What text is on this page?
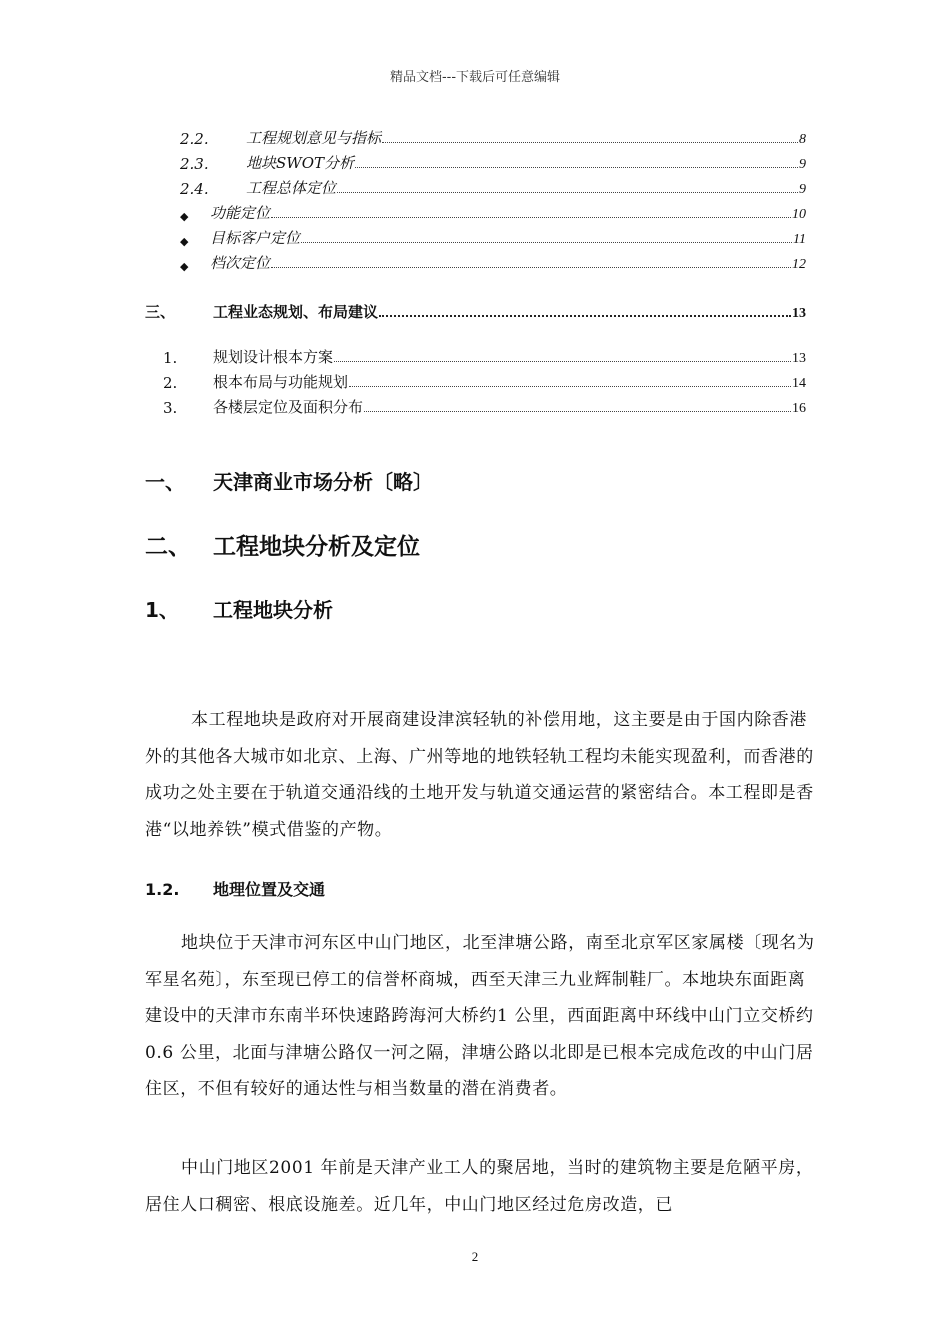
精品文档---下载后可任意编辑
2.2.	工程规划意见与指标	8
2.3.	地块SWOT分析	9
2.4.	工程总体定位	9
◆	功能定位	10
◆	目标客户定位	11
◆	档次定位	12
三、	工程业态规划、布局建议	13
1.	规划设计根本方案	13
2.	根本布局与功能规划	14
3.	各楼层定位及面积分布	16
一、 天津商业市场分析〔略〕
二、 工程地块分析及定位
1、 工程地块分析

本工程地块是政府对开展商建设津滨轻轨的补偿用地，这主要是由于国内除香港外的其他各大城市如北京、上海、广州等地的地铁轻轨工程均未能实现盈利，而香港的成功之处主要在于轨道交通沿线的土地开发与轨道交通运营的紧密结合。本工程即是香港“以地养铁”模式借鉴的产物。

1.2. 地理位置及交通

地块位于天津市河东区中山门地区，北至津塘公路，南至北京军区家属楼〔现名为军星名苑〕，东至现已停工的信誉杯商城，西至天津三九业辉制鞋厂。本地块东面距离建设中的天津市东南半环快速路跨海河大桥约1 公里，西面距离中环线中山门立交桥约0.6 公里，北面与津塘公路仅一河之隔，津塘公路以北即是已根本完成危改的中山门居住区，不但有较好的通达性与相当数量的潜在消费者。

中山门地区2001 年前是天津产业工人的聚居地，当时的建筑物主要是危陋平房，居住人口稠密、根底设施差。近几年，中山门地区经过危房改造，已

2
